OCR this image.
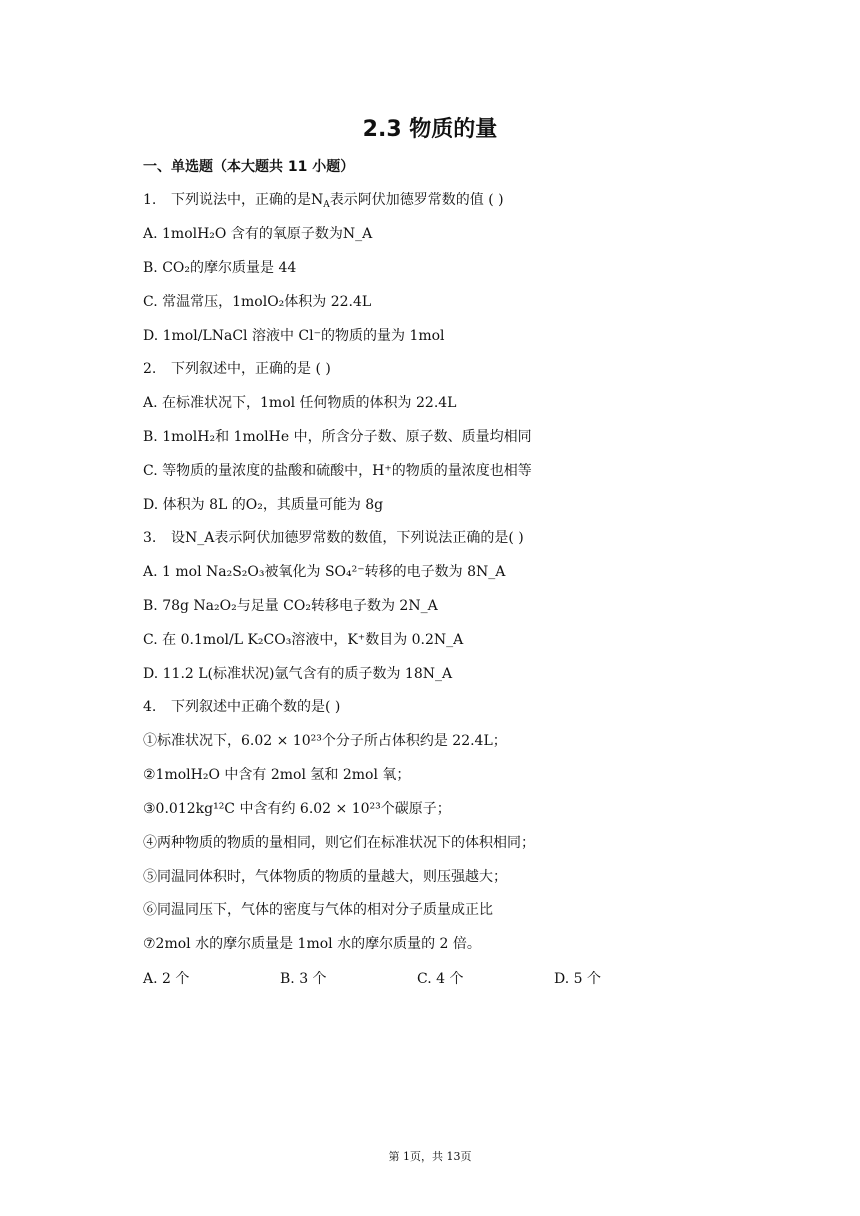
2.3 物质的量
一、单选题（本大题共 11 小题）
1. 下列说法中，正确的是$N_A$表示阿伏加德罗常数的值 ( )
A. 1molH₂O 含有的氧原子数为N_A
B. CO₂的摩尔质量是 44
C. 常温常压，1molO₂体积为 22.4L
D. 1mol/LNaCl 溶液中 Cl⁻的物质的量为 1mol
2. 下列叙述中，正确的是 ( )
A. 在标准状况下，1mol 任何物质的体积为 22.4L
B. 1molH₂和 1molHe 中，所含分子数、原子数、质量均相同
C. 等物质的量浓度的盐酸和硫酸中，H⁺的物质的量浓度也相等
D. 体积为 8L 的O₂，其质量可能为 8g
3. 设N_A表示阿伏加德罗常数的数值，下列说法正确的是( )
A. 1 mol Na₂S₂O₃被氧化为 SO₄²⁻转移的电子数为 8N_A
B. 78g Na₂O₂与足量 CO₂转移电子数为 2N_A
C. 在 0.1mol/L K₂CO₃溶液中，K⁺数目为 0.2N_A
D. 11.2 L(标准状况)氩气含有的质子数为 18N_A
4. 下列叙述中正确个数的是( )
①标准状况下，6.02 × 10²³个分子所占体积约是 22.4L；
②1molH₂O 中含有 2mol 氢和 2mol 氧；
③0.012kg¹²C 中含有约 6.02 × 10²³个碳原子；
④两种物质的物质的量相同，则它们在标准状况下的体积相同；
⑤同温同体积时，气体物质的物质的量越大，则压强越大；
⑥同温同压下，气体的密度与气体的相对分子质量成正比
⑦2mol 水的摩尔质量是 1mol 水的摩尔质量的 2 倍。
A. 2 个	B. 3 个	C. 4 个	D. 5 个
第 1页，共 13页
